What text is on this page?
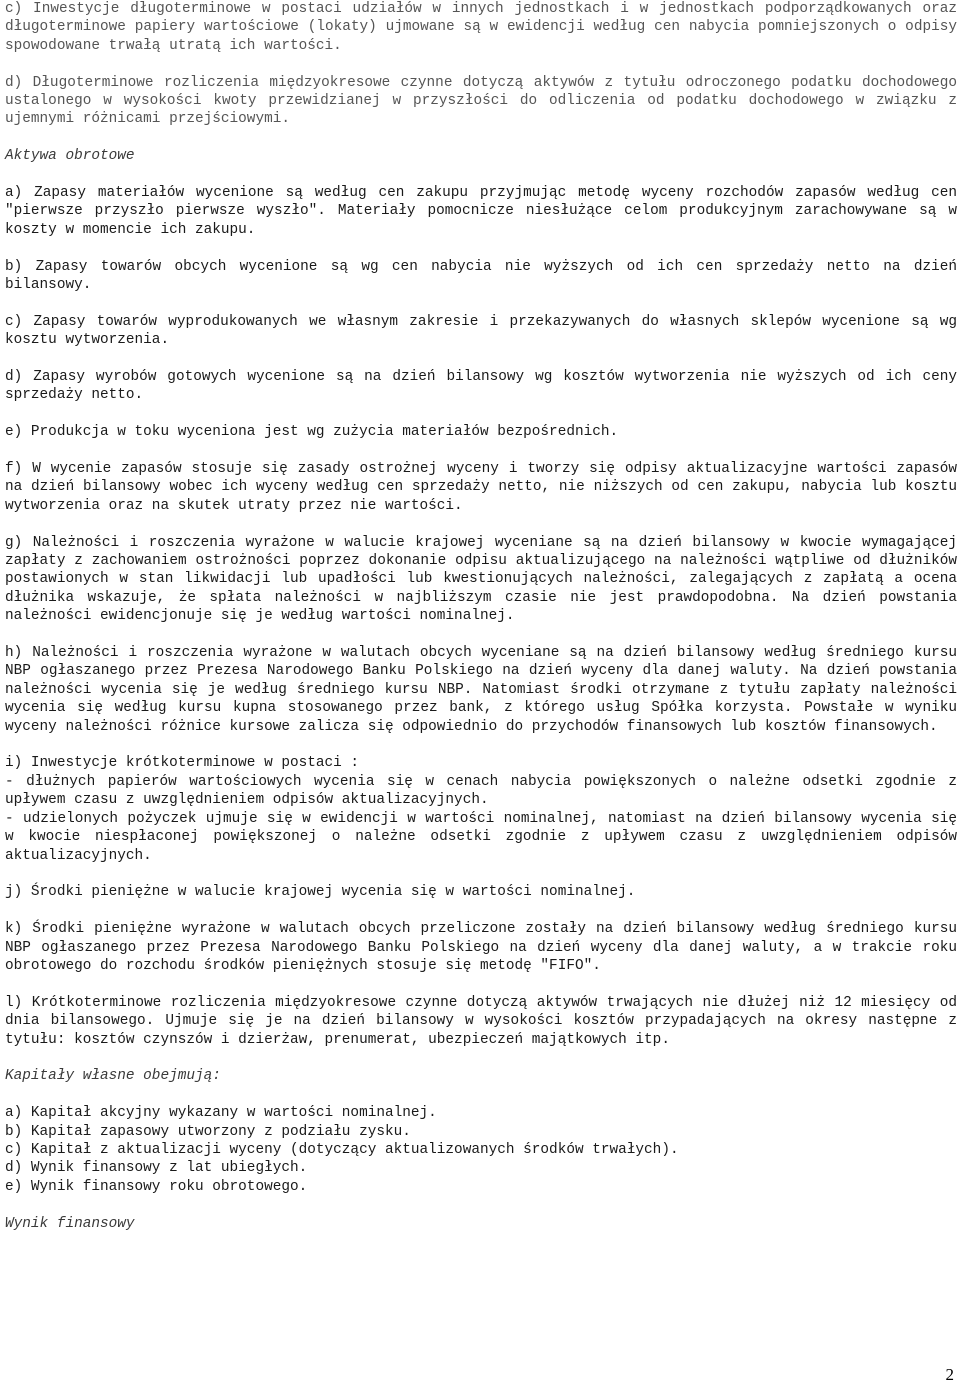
c) Inwestycje długoterminowe w postaci udziałów w innych jednostkach i w jednostkach podporządkowanych oraz długoterminowe papiery wartościowe (lokaty) ujmowane są w ewidencji według cen nabycia pomniejszonych o odpisy spowodowane trwałą utratą ich wartości.

d) Długoterminowe rozliczenia międzyokresowe czynne dotyczą aktywów z tytułu odroczonego podatku dochodowego ustalonego w wysokości kwoty przewidzianej w przyszłości do odliczenia od podatku dochodowego w związku z ujemnymi różnicami przejściowymi.

Aktywa obrotowe

a) Zapasy materiałów wycenione są według cen zakupu przyjmując metodę wyceny rozchodów zapasów według cen "pierwsze przyszło pierwsze wyszło". Materiały pomocnicze niesłużące celom produkcyjnym zarachowywane są w koszty w momencie ich zakupu.

b) Zapasy towarów obcych wycenione są wg cen nabycia nie wyższych od ich cen sprzedaży netto na dzień bilansowy.

c) Zapasy towarów wyprodukowanych we własnym zakresie i przekazywanych do własnych sklepów wycenione są wg kosztu wytworzenia.

d) Zapasy wyrobów gotowych wycenione są na dzień bilansowy wg kosztów wytworzenia nie wyższych od ich ceny sprzedaży netto.

e) Produkcja w toku wyceniona jest wg zużycia materiałów bezpośrednich.

f) W wycenie zapasów stosuje się zasady ostrożnej wyceny i tworzy się odpisy aktualizacyjne wartości zapasów na dzień bilansowy wobec ich wyceny według cen sprzedaży netto, nie niższych od cen zakupu, nabycia lub kosztu wytworzenia oraz na skutek utraty przez nie wartości.

g) Należności i roszczenia wyrażone w walucie krajowej wyceniane są na dzień bilansowy w kwocie wymagającej zapłaty z zachowaniem ostrożności poprzez dokonanie odpisu aktualizującego na należności wątpliwe od dłużników postawionych w stan likwidacji lub upadłości lub kwestionujących należności, zalegających z zapłatą a ocena dłużnika wskazuje, że spłata należności w najbliższym czasie nie jest prawdopodobna. Na dzień powstania należności ewidencjonuje się je według wartości nominalnej.

h) Należności i roszczenia wyrażone w walutach obcych wyceniane są na dzień bilansowy według średniego kursu NBP ogłaszanego przez Prezesa Narodowego Banku Polskiego na dzień wyceny dla danej waluty. Na dzień powstania należności wycenia się je według średniego kursu NBP. Natomiast środki otrzymane z tytułu zapłaty należności wycenia się według kursu kupna stosowanego przez bank, z którego usług Spółka korzysta. Powstałe w wyniku wyceny należności różnice kursowe zalicza się odpowiednio do przychodów finansowych lub kosztów finansowych.

i) Inwestycje krótkoterminowe w postaci :
- dłużnych papierów wartościowych wycenia się w cenach nabycia powiększonych o należne odsetki zgodnie z upływem czasu z uwzględnieniem odpisów aktualizacyjnych.
- udzielonych pożyczek ujmuje się w ewidencji w wartości nominalnej, natomiast na dzień bilansowy wycenia się w kwocie niespłaconej powiększonej o należne odsetki zgodnie z upływem czasu z uwzględnieniem odpisów aktualizacyjnych.

j) Środki pieniężne w walucie krajowej wycenia się w wartości nominalnej.

k) Środki pieniężne wyrażone w walutach obcych przeliczone zostały na dzień bilansowy według średniego kursu NBP ogłaszanego przez Prezesa Narodowego Banku Polskiego na dzień wyceny dla danej waluty, a w trakcie roku obrotowego do rozchodu środków pieniężnych stosuje się metodę "FIFO".

l) Krótkoterminowe rozliczenia międzyokresowe czynne dotyczą aktywów trwających nie dłużej niż 12 miesięcy od dnia bilansowego. Ujmuje się je na dzień bilansowy w wysokości kosztów przypadających na okresy następne z tytułu: kosztów czynszów i dzierżaw, prenumerat, ubezpieczeń majątkowych itp.

Kapitały własne obejmują:

a) Kapitał akcyjny wykazany w wartości nominalnej.
b) Kapitał zapasowy utworzony z podziału zysku.
c) Kapitał z aktualizacji wyceny (dotyczący aktualizowanych środków trwałych).
d) Wynik finansowy z lat ubiegłych.
e) Wynik finansowy roku obrotowego.

Wynik finansowy

2
